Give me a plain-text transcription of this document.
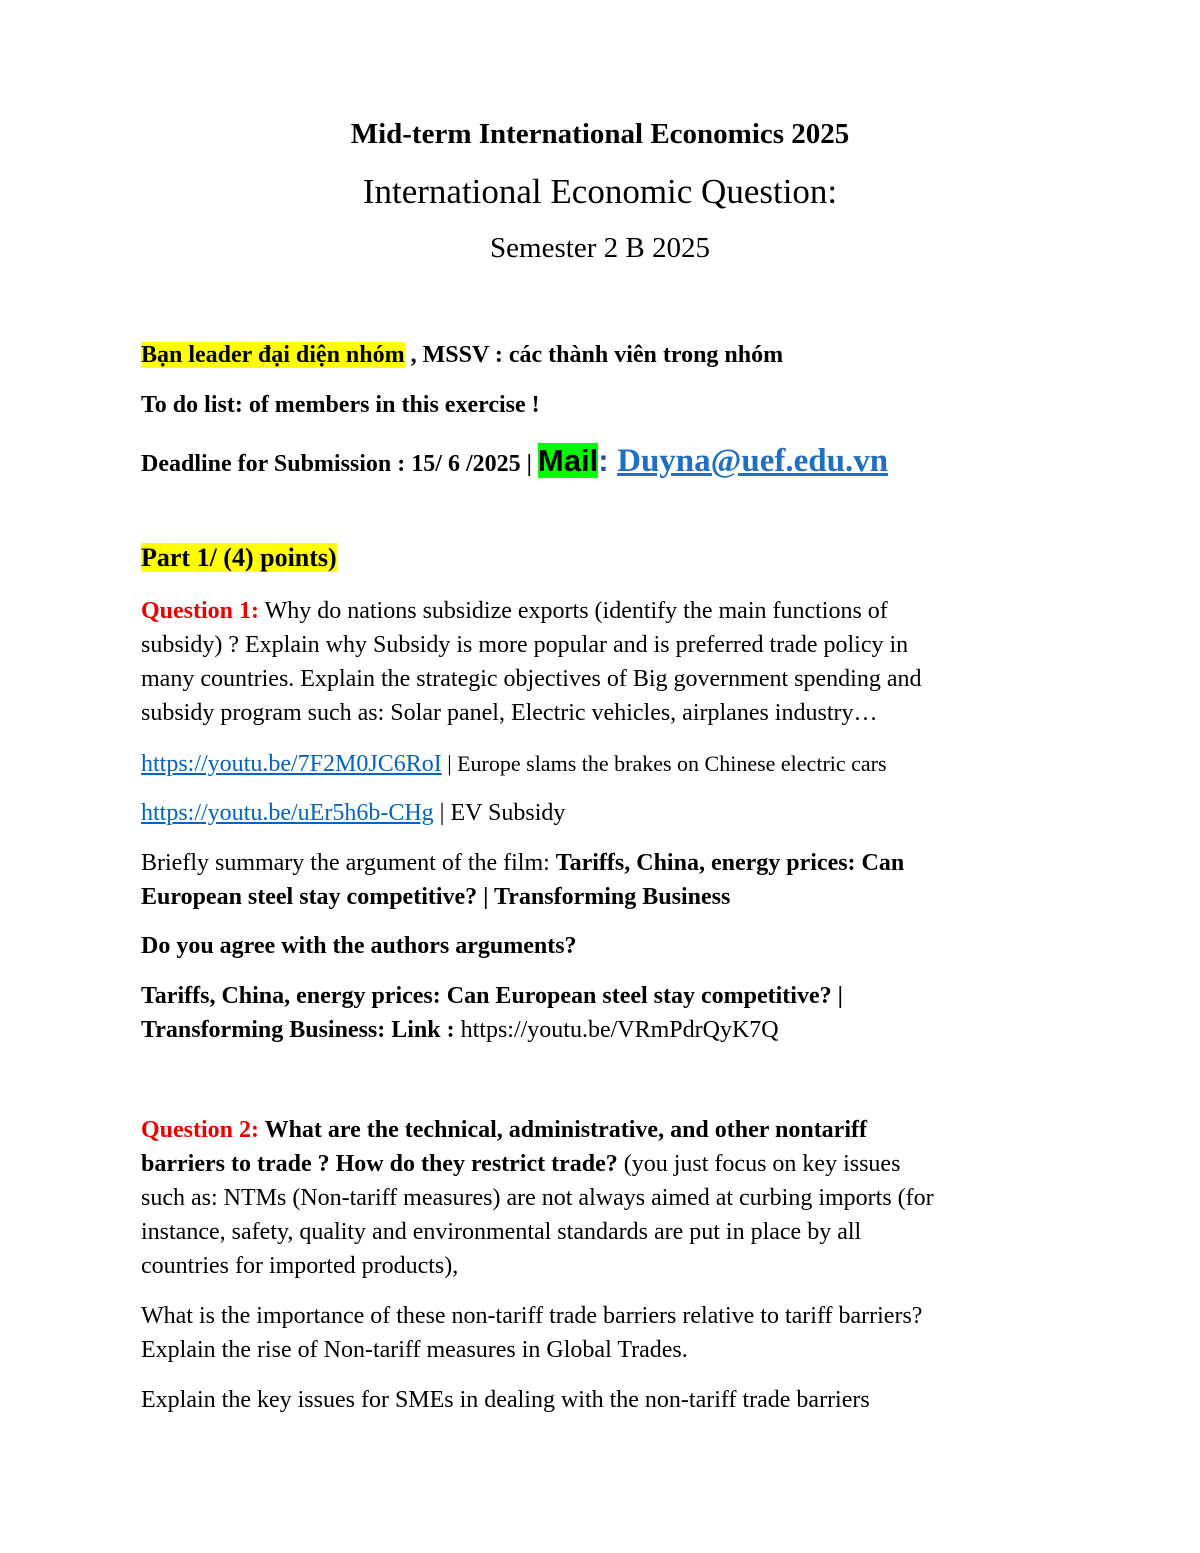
Mid-term International Economics 2025
International Economic Question:
Semester 2 B 2025
Bạn leader đại diện nhóm , MSSV : các thành viên trong nhóm
To do list: of members in this exercise !
Deadline for Submission : 15/ 6 /2025 | Mail: Duyna@uef.edu.vn
Part 1/ (4) points)
Question 1: Why do nations subsidize exports (identify the main functions of
subsidy) ? Explain why Subsidy is more popular and is preferred trade policy in
many countries. Explain the strategic objectives of Big government spending and
subsidy program such as: Solar panel, Electric vehicles, airplanes industry…
https://youtu.be/7F2M0JC6RoI | Europe slams the brakes on Chinese electric cars
https://youtu.be/uEr5h6b-CHg | EV Subsidy
Briefly summary the argument of the film: Tariffs, China, energy prices: Can
European steel stay competitive? | Transforming Business
Do you agree with the authors arguments?
Tariffs, China, energy prices: Can European steel stay competitive? |
Transforming Business: Link : https://youtu.be/VRmPdrQyK7Q
Question 2: What are the technical, administrative, and other nontariff
barriers to trade ? How do they restrict trade? (you just focus on key issues
such as: NTMs (Non-tariff measures) are not always aimed at curbing imports (for
instance, safety, quality and environmental standards are put in place by all
countries for imported products),
What is the importance of these non-tariff trade barriers relative to tariff barriers?
Explain the rise of Non-tariff measures in Global Trades.
Explain the key issues for SMEs in dealing with the non-tariff trade barriers
